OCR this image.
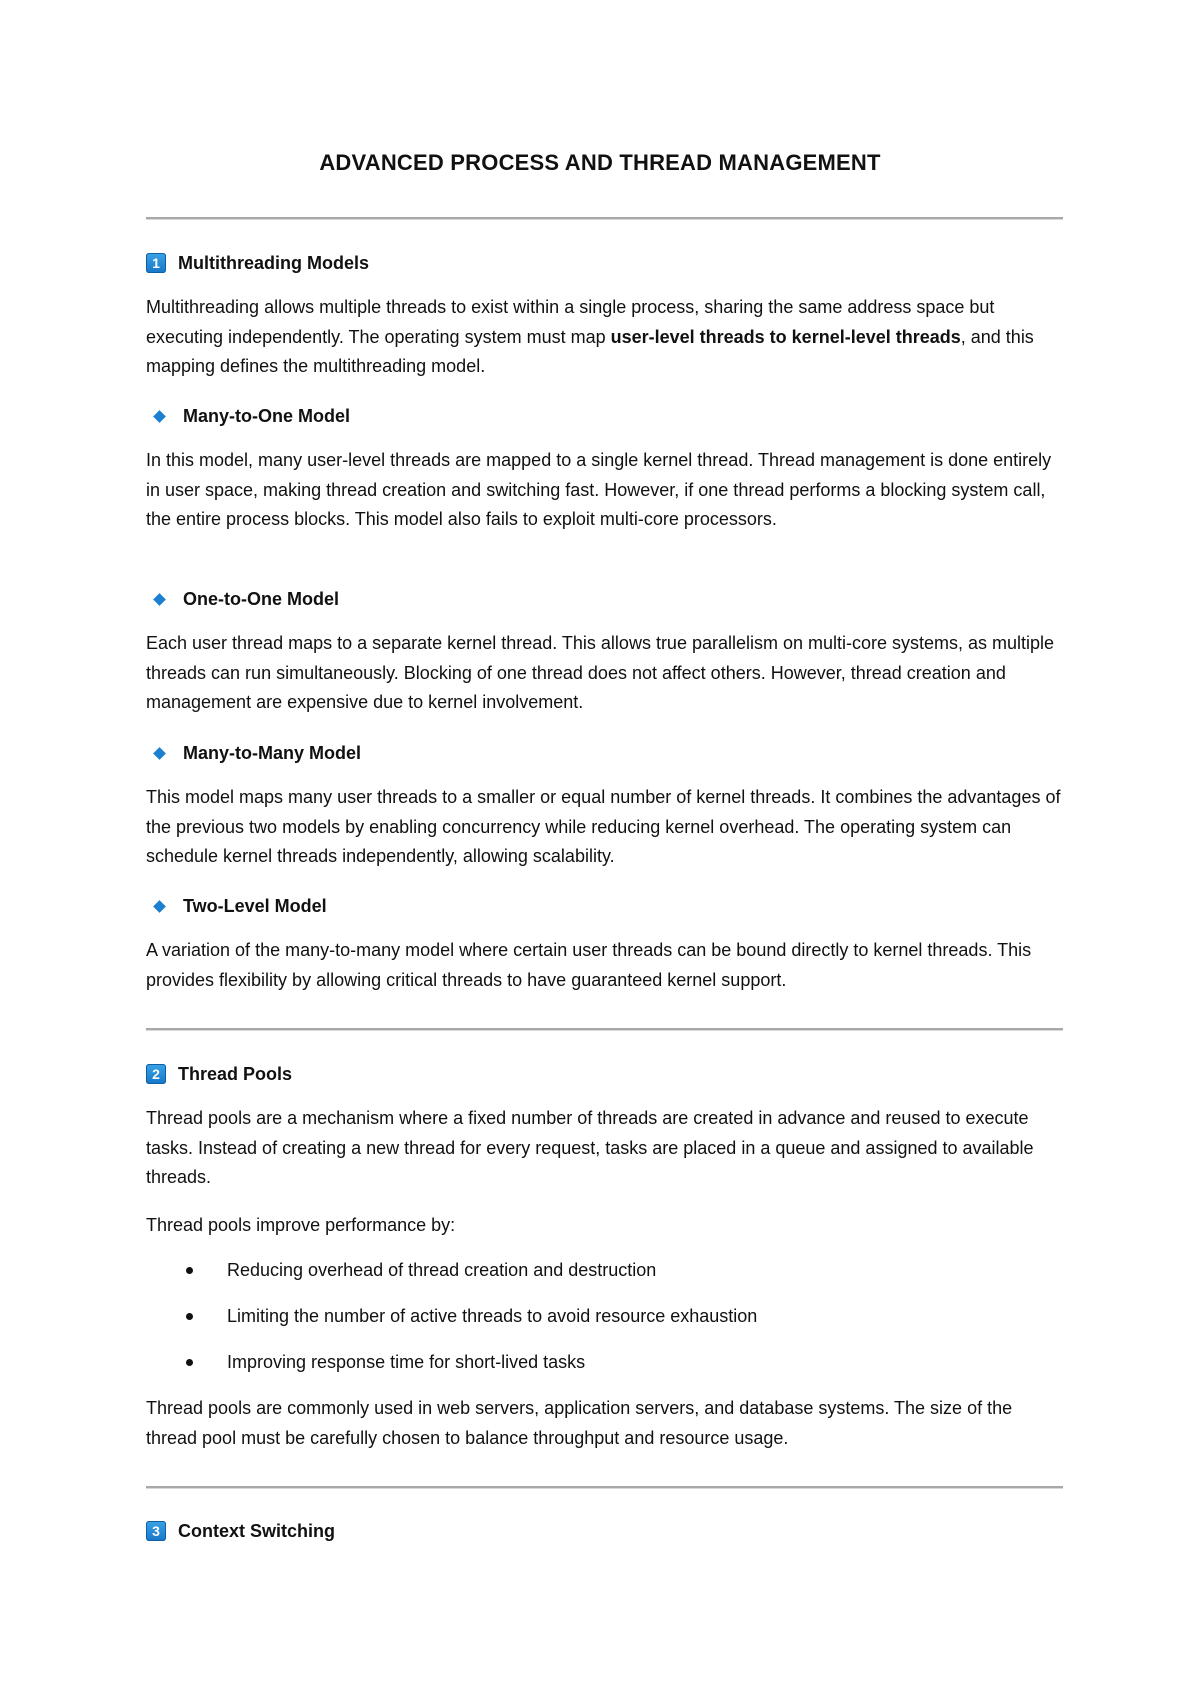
ADVANCED PROCESS AND THREAD MANAGEMENT
1	Multithreading Models
Multithreading allows multiple threads to exist within a single process, sharing the same address space but executing independently. The operating system must map user-level threads to kernel-level threads, and this mapping defines the multithreading model.
Many-to-One Model
In this model, many user-level threads are mapped to a single kernel thread. Thread management is done entirely in user space, making thread creation and switching fast. However, if one thread performs a blocking system call, the entire process blocks. This model also fails to exploit multi-core processors.
One-to-One Model
Each user thread maps to a separate kernel thread. This allows true parallelism on multi-core systems, as multiple threads can run simultaneously. Blocking of one thread does not affect others. However, thread creation and management are expensive due to kernel involvement.
Many-to-Many Model
This model maps many user threads to a smaller or equal number of kernel threads. It combines the advantages of the previous two models by enabling concurrency while reducing kernel overhead. The operating system can schedule kernel threads independently, allowing scalability.
Two-Level Model
A variation of the many-to-many model where certain user threads can be bound directly to kernel threads. This provides flexibility by allowing critical threads to have guaranteed kernel support.
2	Thread Pools
Thread pools are a mechanism where a fixed number of threads are created in advance and reused to execute tasks. Instead of creating a new thread for every request, tasks are placed in a queue and assigned to available threads.
Thread pools improve performance by:
Reducing overhead of thread creation and destruction
Limiting the number of active threads to avoid resource exhaustion
Improving response time for short-lived tasks
Thread pools are commonly used in web servers, application servers, and database systems. The size of the thread pool must be carefully chosen to balance throughput and resource usage.
3	Context Switching
